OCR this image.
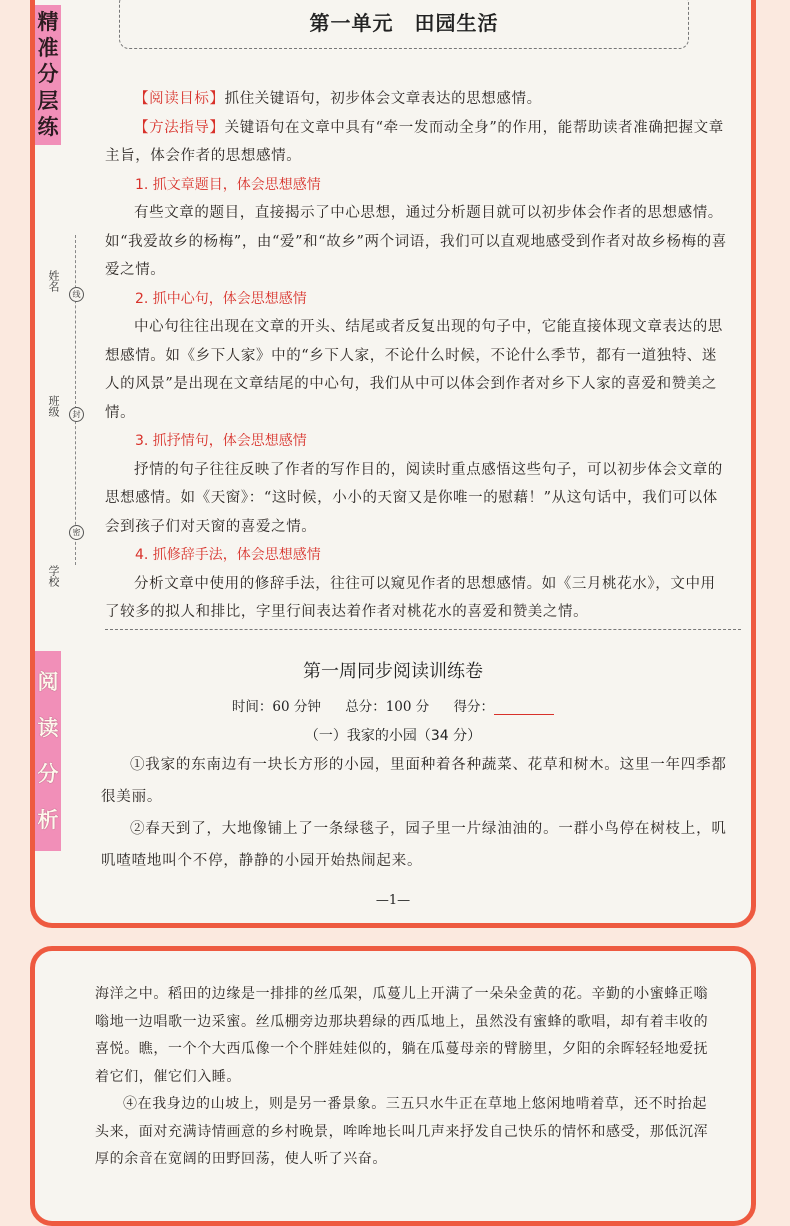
精
准
分
层
练
姓名
班级
学校
线
封
密
阅
读
分
析
第一单元　田园生活

【阅读目标】抓住关键语句，初步体会文章表达的思想感情。

【方法指导】关键语句在文章中具有“牵一发而动全身”的作用，能帮助读者准确把握文章主旨，体会作者的思想感情。

1. 抓文章题目，体会思想感情

有些文章的题目，直接揭示了中心思想，通过分析题目就可以初步体会作者的思想感情。如“我爱故乡的杨梅”，由“爱”和“故乡”两个词语，我们可以直观地感受到作者对故乡杨梅的喜爱之情。

2. 抓中心句，体会思想感情

中心句往往出现在文章的开头、结尾或者反复出现的句子中，它能直接体现文章表达的思想感情。如《乡下人家》中的“乡下人家，不论什么时候，不论什么季节，都有一道独特、迷人的风景”是出现在文章结尾的中心句，我们从中可以体会到作者对乡下人家的喜爱和赞美之情。

3. 抓抒情句，体会思想感情

抒情的句子往往反映了作者的写作目的，阅读时重点感悟这些句子，可以初步体会文章的思想感情。如《天窗》：“这时候，小小的天窗又是你唯一的慰藉！”从这句话中，我们可以体会到孩子们对天窗的喜爱之情。

4. 抓修辞手法，体会思想感情

分析文章中使用的修辞手法，往往可以窥见作者的思想感情。如《三月桃花水》，文中用了较多的拟人和排比，字里行间表达着作者对桃花水的喜爱和赞美之情。

第一周同步阅读训练卷
时间：60 分钟 总分：100 分 得分：
（一）我家的小园（34 分）

①我家的东南边有一块长方形的小园，里面种着各种蔬菜、花草和树木。这里一年四季都很美丽。

②春天到了，大地像铺上了一条绿毯子，园子里一片绿油油的。一群小鸟停在树枝上，叽叽喳喳地叫个不停，静静的小园开始热闹起来。

—1—

海洋之中。稻田的边缘是一排排的丝瓜架，瓜蔓儿上开满了一朵朵金黄的花。辛勤的小蜜蜂正嗡嗡地一边唱歌一边采蜜。丝瓜棚旁边那块碧绿的西瓜地上，虽然没有蜜蜂的歌唱，却有着丰收的喜悦。瞧，一个个大西瓜像一个个胖娃娃似的，躺在瓜蔓母亲的臂膀里，夕阳的余晖轻轻地爱抚着它们，催它们入睡。

④在我身边的山坡上，则是另一番景象。三五只水牛正在草地上悠闲地啃着草，还不时抬起头来，面对充满诗情画意的乡村晚景，哞哞地长叫几声来抒发自己快乐的情怀和感受，那低沉浑厚的余音在宽阔的田野回荡，使人听了兴奋。
